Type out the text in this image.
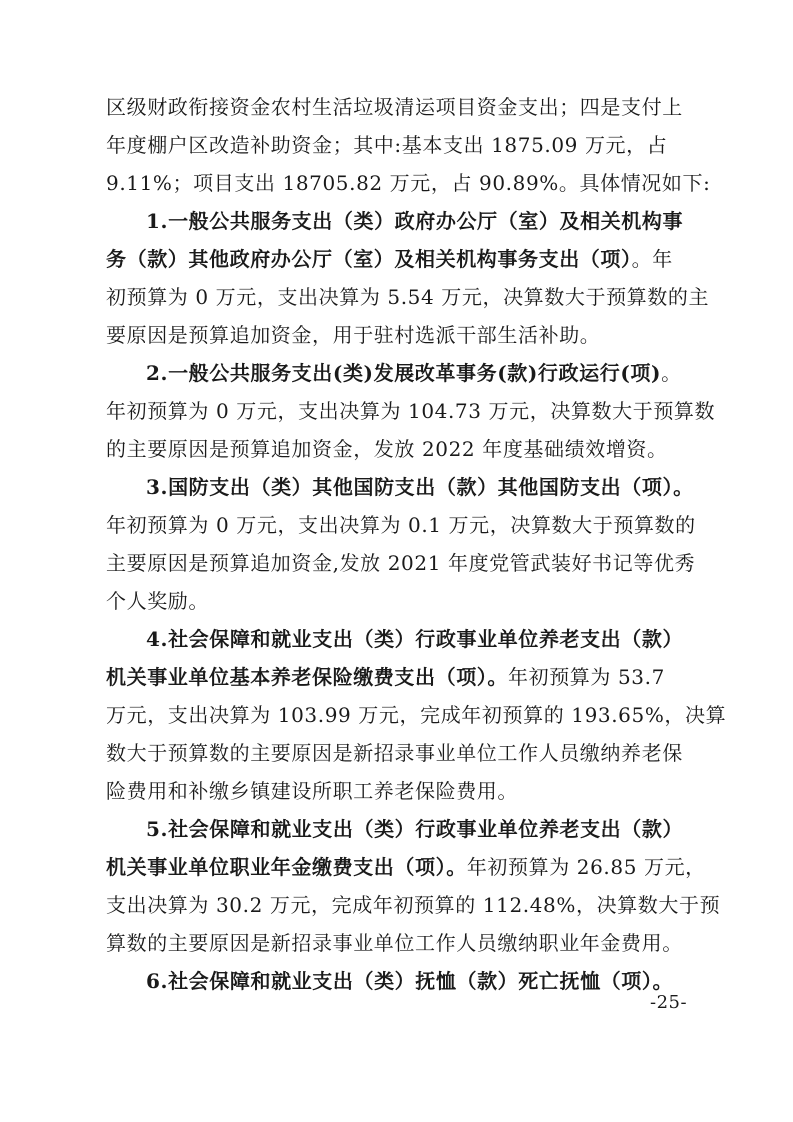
区级财政衔接资金农村生活垃圾清运项目资金支出；四是支付上
年度棚户区改造补助资金；其中:基本支出 1875.09 万元，占
9.11%；项目支出 18705.82 万元，占 90.89%。具体情况如下:
1.一般公共服务支出（类）政府办公厅（室）及相关机构事
务（款）其他政府办公厅（室）及相关机构事务支出（项）。年
初预算为 0 万元，支出决算为 5.54 万元，决算数大于预算数的主
要原因是预算追加资金，用于驻村选派干部生活补助。
2.一般公共服务支出(类)发展改革事务(款)行政运行(项)。
年初预算为 0 万元，支出决算为 104.73 万元，决算数大于预算数
的主要原因是预算追加资金，发放 2022 年度基础绩效增资。
3.国防支出（类）其他国防支出（款）其他国防支出（项）。
年初预算为 0 万元，支出决算为 0.1 万元，决算数大于预算数的
主要原因是预算追加资金,发放 2021 年度党管武装好书记等优秀
个人奖励。
4.社会保障和就业支出（类）行政事业单位养老支出（款）
机关事业单位基本养老保险缴费支出（项）。年初预算为 53.7
万元，支出决算为 103.99 万元，完成年初预算的 193.65%，决算
数大于预算数的主要原因是新招录事业单位工作人员缴纳养老保
险费用和补缴乡镇建设所职工养老保险费用。
5.社会保障和就业支出（类）行政事业单位养老支出（款）
机关事业单位职业年金缴费支出（项）。年初预算为 26.85 万元，
支出决算为 30.2 万元，完成年初预算的 112.48%，决算数大于预
算数的主要原因是新招录事业单位工作人员缴纳职业年金费用。
6.社会保障和就业支出（类）抚恤（款）死亡抚恤（项）。
-25-
